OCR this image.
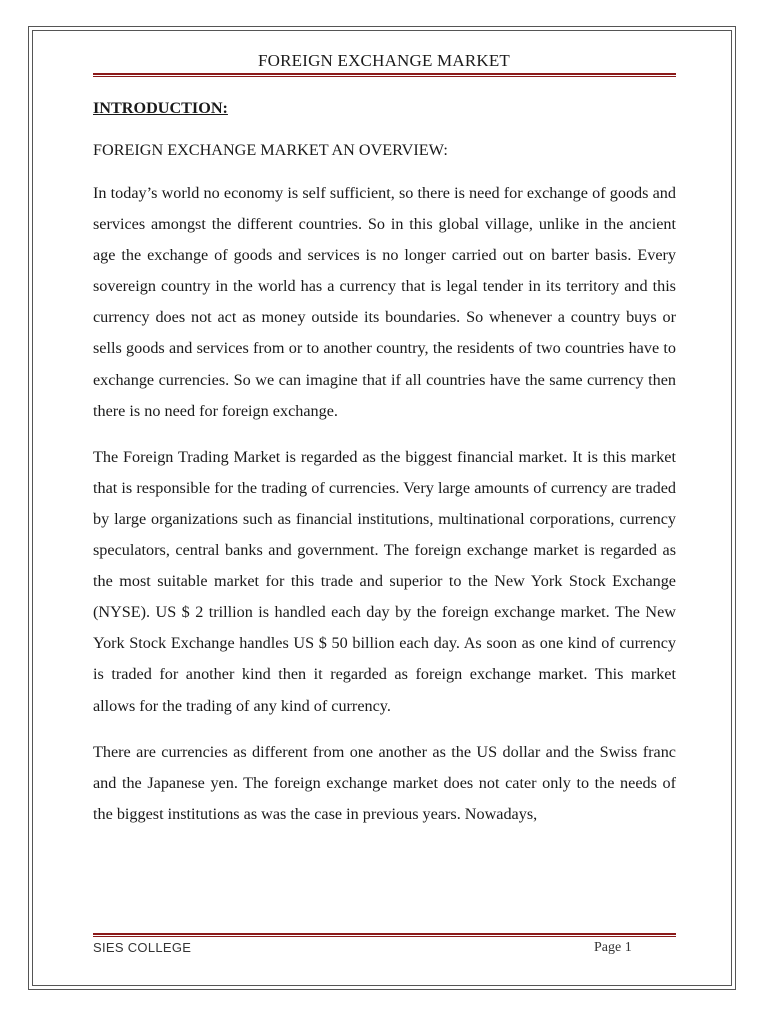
FOREIGN EXCHANGE MARKET
INTRODUCTION:
FOREIGN EXCHANGE MARKET AN OVERVIEW:

In today’s world no economy is self sufficient, so there is need for exchange of goods and services amongst the different countries. So in this global village, unlike in the ancient age the exchange of goods and services is no longer carried out on barter basis. Every sovereign country in the world has a currency that is legal tender in its territory and this currency does not act as money outside its boundaries. So whenever a country buys or sells goods and services from or to another country, the residents of two countries have to exchange currencies. So we can imagine that if all countries have the same currency then there is no need for foreign exchange.

The Foreign Trading Market is regarded as the biggest financial market. It is this market that is responsible for the trading of currencies. Very large amounts of currency are traded by large organizations such as financial institutions, multinational corporations, currency speculators, central banks and government. The foreign exchange market is regarded as the most suitable market for this trade and superior to the New York Stock Exchange (NYSE). US $ 2 trillion is handled each day by the foreign exchange market. The New York Stock Exchange handles US $ 50 billion each day. As soon as one kind of currency is traded for another kind then it regarded as foreign exchange market. This market allows for the trading of any kind of currency.

There are currencies as different from one another as the US dollar and the Swiss franc and the Japanese yen. The foreign exchange market does not cater only to the needs of the biggest institutions as was the case in previous years. Nowadays,

SIES COLLEGE	Page 1
